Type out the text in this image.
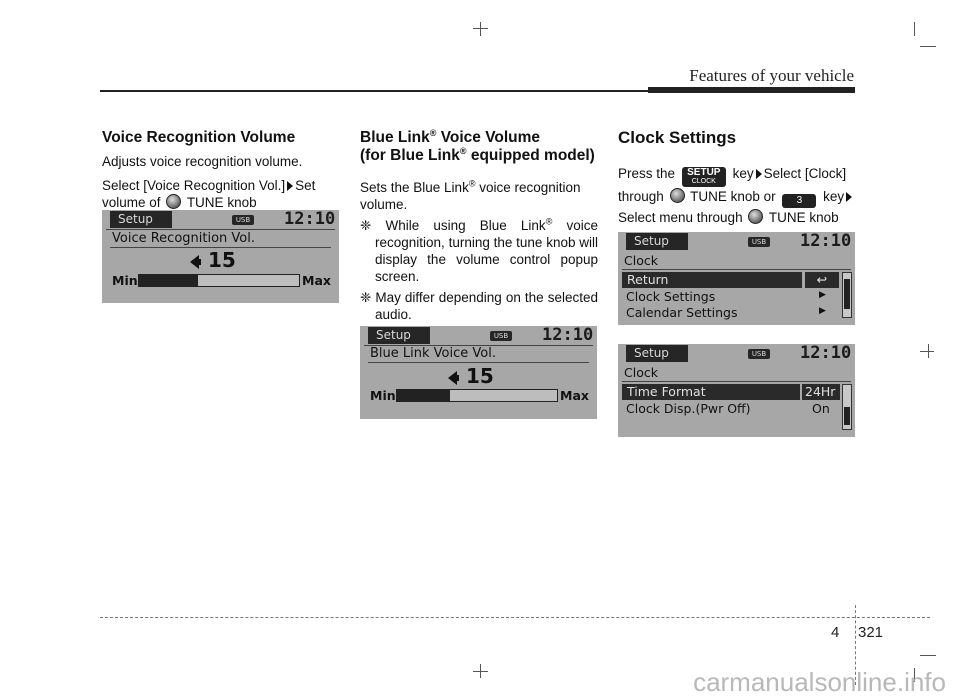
Features of your vehicle
Voice Recognition Volume

Adjusts voice recognition volume.

Select [Voice Recognition Vol.] Set
volume of TUNE knob

Setup	USB 12:10
Voice Recognition Vol.
15
Min	Max
Blue Link® Voice Volume
(for Blue Link® equipped model)

Sets the Blue Link® voice recognition volume.

❈ While using Blue Link® voice recognition, turning the tune knob will display the volume control popup screen.

❈ May differ depending on the selected audio.

Setup	USB 12:10
Blue Link Voice Vol.
15
Min	Max
Clock Settings

Press the	SETUP
CLOCK
key Select [Clock]
through TUNE knob or 3 key
Select menu through TUNE knob

Setup	USB 12:10
Clock
Return	↩
Clock Settings	▶
Calendar Settings	▶
Setup	USB 12:10
Clock
Time Format	24Hr
Clock Disp.(Pwr Off)	On
4 321
carmanualsonline.info
